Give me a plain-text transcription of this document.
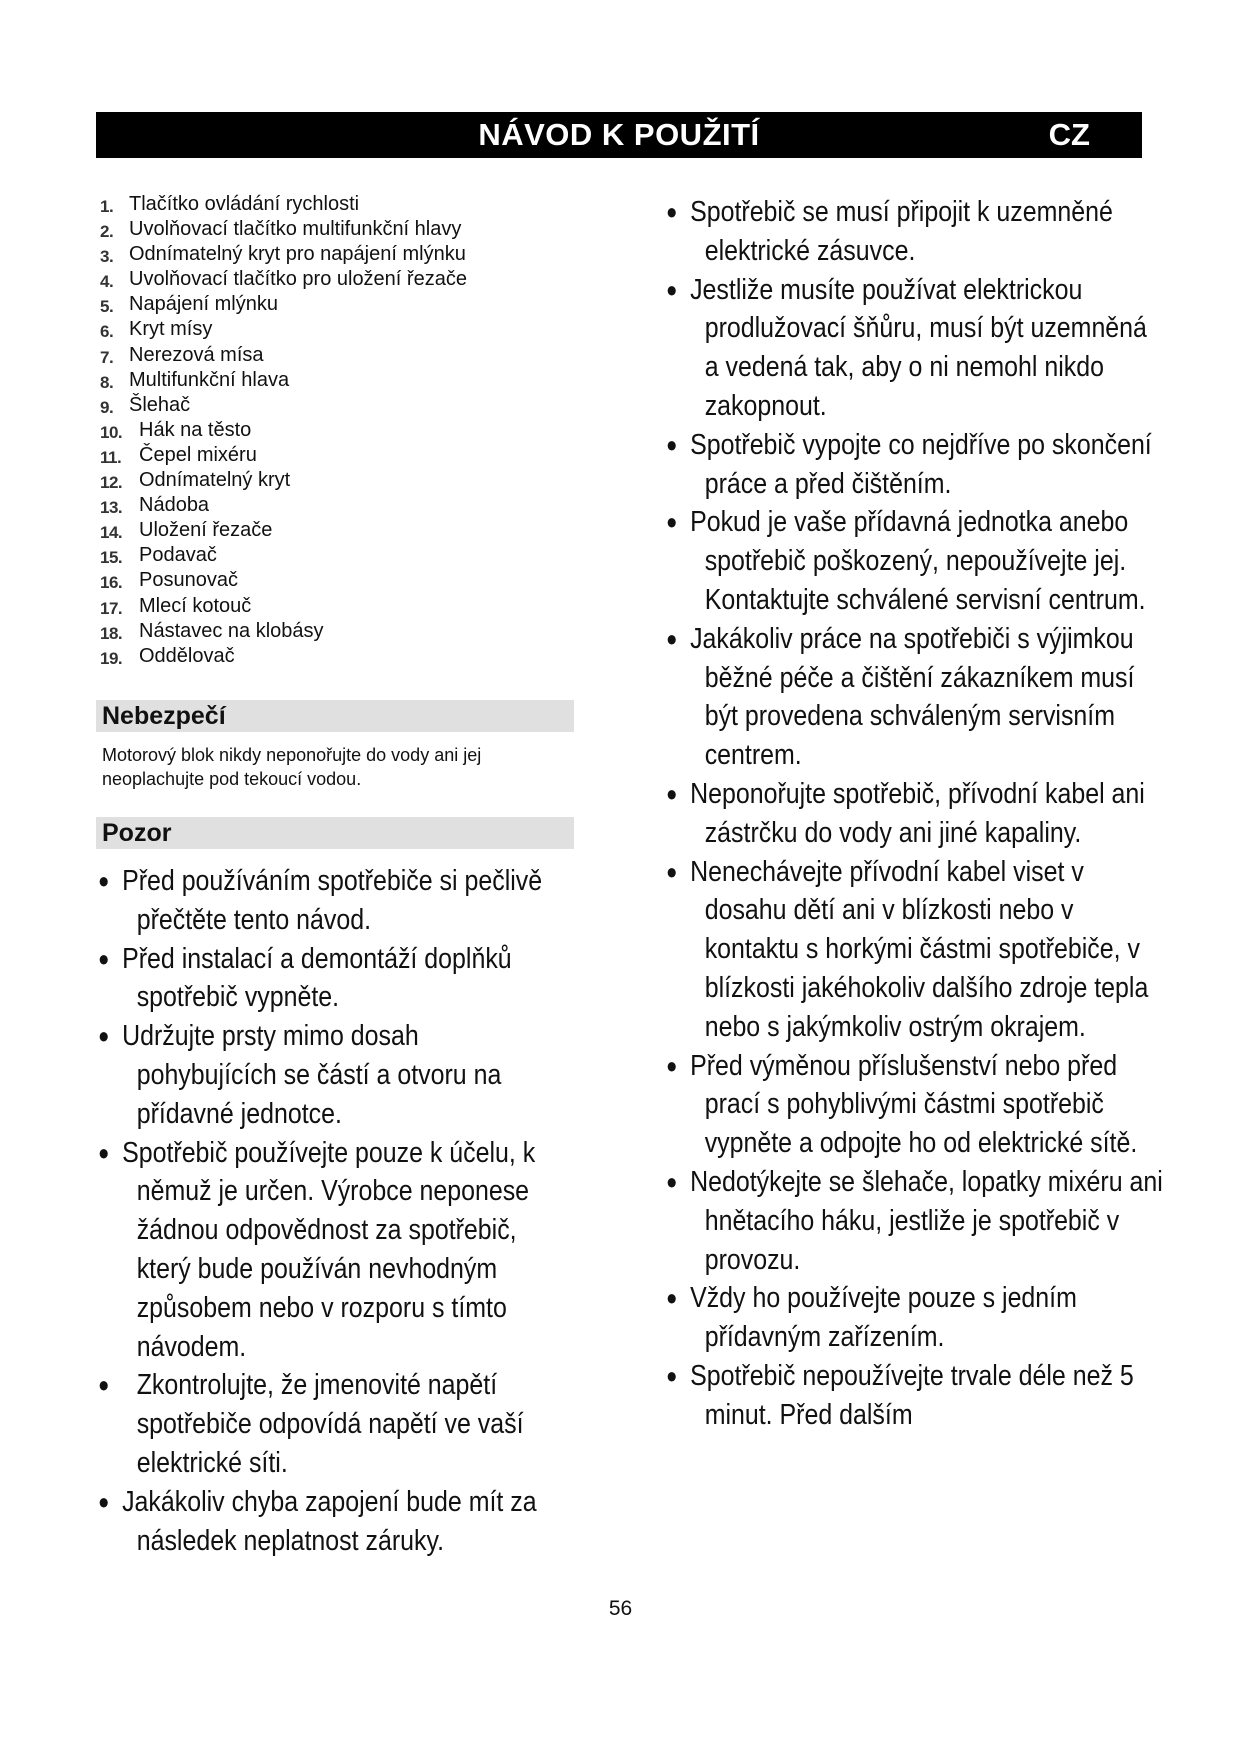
NÁVOD K POUŽITÍ	CZ
1. Tlačítko ovládání rychlosti
2. Uvolňovací tlačítko multifunkční hlavy
3. Odnímatelný kryt pro napájení mlýnku
4. Uvolňovací tlačítko pro uložení řezače
5. Napájení mlýnku
6. Kryt mísy
7. Nerezová mísa
8. Multifunkční hlava
9. Šlehač
10. Hák na těsto
11. Čepel mixéru
12. Odnímatelný kryt
13. Nádoba
14. Uložení řezače
15. Podavač
16. Posunovač
17. Mlecí kotouč
18. Nástavec na klobásy
19. Oddělovač
Nebezpečí
Motorový blok nikdy neponořujte do vody ani jej neoplachujte pod tekoucí vodou.
Pozor
● Před používáním spotřebiče si pečlivě přečtěte tento návod.
● Před instalací a demontáží doplňků spotřebič vypněte.
● Udržujte prsty mimo dosah pohybujících se částí a otvoru na přídavné jednotce.
● Spotřebič používejte pouze k účelu, k němuž je určen. Výrobce neponese žádnou odpovědnost za spotřebič, který bude používán nevhodným způsobem nebo v rozporu s tímto návodem.
● Zkontrolujte, že jmenovité napětí spotřebiče odpovídá napětí ve vaší elektrické síti.
● Jakákoliv chyba zapojení bude mít za následek neplatnost záruky.
● Spotřebič se musí připojit k uzemněné elektrické zásuvce.
● Jestliže musíte používat elektrickou prodlužovací šňůru, musí být uzemněná a vedená tak, aby o ni nemohl nikdo zakopnout.
● Spotřebič vypojte co nejdříve po skončení práce a před čištěním.
● Pokud je vaše přídavná jednotka anebo spotřebič poškozený, nepoužívejte jej. Kontaktujte schválené servisní centrum.
● Jakákoliv práce na spotřebiči s výjimkou běžné péče a čištění zákazníkem musí být provedena schváleným servisním centrem.
● Neponořujte spotřebič, přívodní kabel ani zástrčku do vody ani jiné kapaliny.
● Nenechávejte přívodní kabel viset v dosahu dětí ani v blízkosti nebo v kontaktu s horkými částmi spotřebiče, v blízkosti jakéhokoliv dalšího zdroje tepla nebo s jakýmkoliv ostrým okrajem.
● Před výměnou příslušenství nebo před prací s pohyblivými částmi spotřebič vypněte a odpojte ho od elektrické sítě.
● Nedotýkejte se šlehače, lopatky mixéru ani hnětacího háku, jestliže je spotřebič v provozu.
● Vždy ho používejte pouze s jedním přídavným zařízením.
● Spotřebič nepoužívejte trvale déle než 5 minut. Před dalším
56
